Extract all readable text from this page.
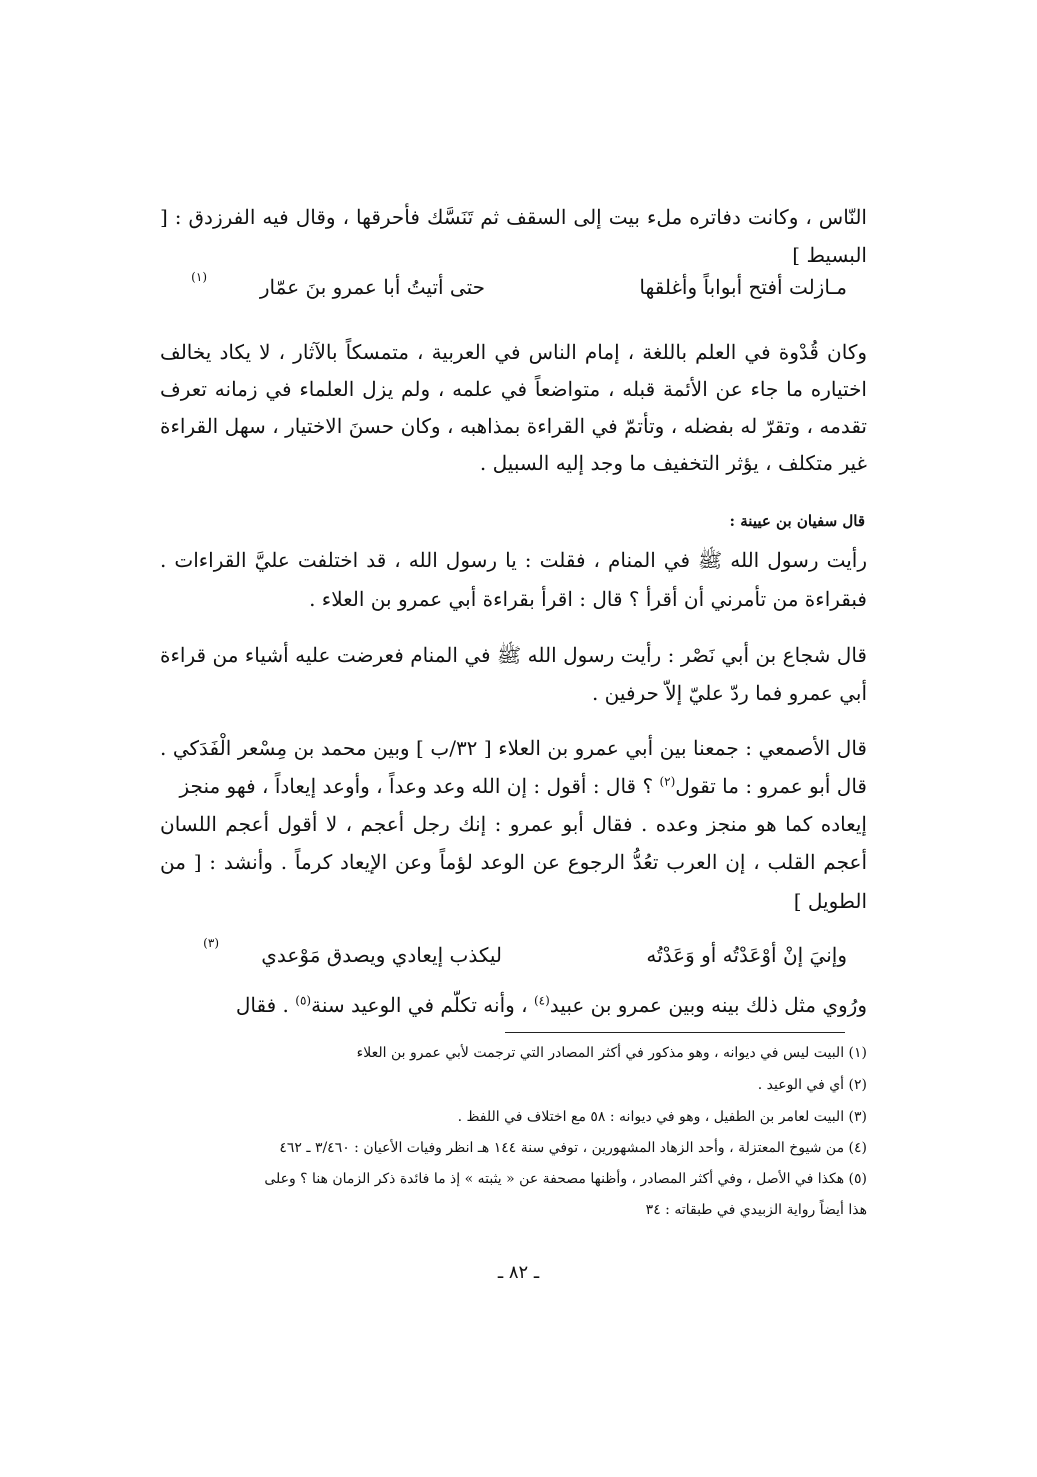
النّاس ، وكانت دفاتره ملء بيت إلى السقف ثم تَنَسَّك فأحرقها ، وقال فيه الفرزدق : [
البسيط ]
مـازلت أفتح أبواباً وأغلقها
حتى أتيتُ أبا عمرو بنَ عمّار
(١)
وكان قُدْوة في العلم باللغة ، إمام الناس في العربية ، متمسكاً بالآثار ، لا يكاد يخالف
اختياره ما جاء عن الأئمة قبله ، متواضعاً في علمه ، ولم يزل العلماء في زمانه تعرف
تقدمه ، وتقرّ له بفضله ، وتأتمّ في القراءة بمذاهبه ، وكان حسنَ الاختيار ، سهل القراءة
غير متكلف ، يؤثر التخفيف ما وجد إليه السبيل .
قال سفيان بن عيينة :
رأيت رسول الله ﷺ في المنام ، فقلت : يا رسول الله ، قد اختلفت عليَّ القراءات .
فبقراءة من تأمرني أن أقرأ ؟ قال : اقرأ بقراءة أبي عمرو بن العلاء .
قال شجاع بن أبي نَصْر : رأيت رسول الله ﷺ في المنام فعرضت عليه أشياء من قراءة
أبي عمرو فما ردّ عليّ إلاّ حرفين .
قال الأصمعي : جمعنا بين أبي عمرو بن العلاء [ ٣٢/ب ] وبين محمد بن مِسْعر الْفَدَكي .
قال أبو عمرو : ما تقول$^{(٢)}$ ؟ قال : أقول : إن الله وعد وعداً ، وأوعد إيعاداً ، فهو منجز
إيعاده كما هو منجز وعده . فقال أبو عمرو : إنك رجل أعجم ، لا أقول أعجم اللسان
أعجم القلب ، إن العرب تعُدُّ الرجوع عن الوعد لؤماً وعن الإيعاد كرماً . وأنشد : [ من
الطويل ]
وإنيَ إنْ أوْعَدْتُه أو وَعَدْتُه
ليكذب إيعادي ويصدق مَوْعدي
(٣)
ورُوي مثل ذلك بينه وبين عمرو بن عبيد$^{(٤)}$ ، وأنه تكلّم في الوعيد سنة$^{(٥)}$ . فقال
(١) البيت ليس في ديوانه ، وهو مذكور في أكثر المصادر التي ترجمت لأبي عمرو بن العلاء
(٢) أي في الوعيد .
(٣) البيت لعامر بن الطفيل ، وهو في ديوانه : ٥٨ مع اختلاف في اللفظ .
(٤) من شيوخ المعتزلة ، وأحد الزهاد المشهورين ، توفي سنة ١٤٤ هـ انظر وفيات الأعيان : ٣/٤٦٠ ـ ٤٦٢
(٥) هكذا في الأصل ، وفي أكثر المصادر ، وأظنها مصحفة عن « يثبته » إذ ما فائدة ذكر الزمان هنا ؟ وعلى
هذا أيضاً رواية الزبيدي في طبقاته : ٣٤
ـ ٨٢ ـ
